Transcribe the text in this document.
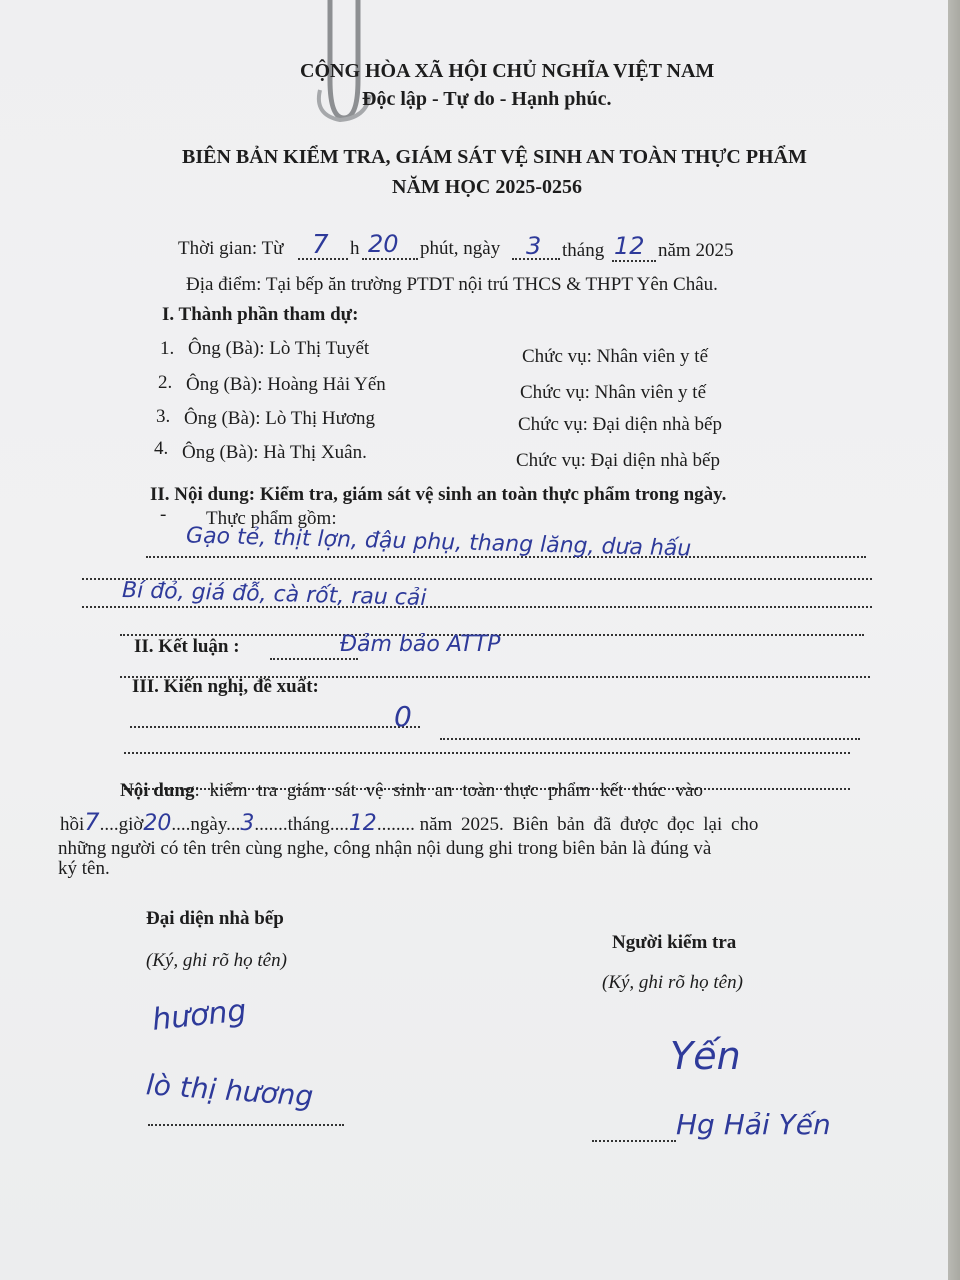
CỘNG HÒA XÃ HỘI CHỦ NGHĨA VIỆT NAM
Độc lập - Tự do - Hạnh phúc.
BIÊN BẢN KIỂM TRA, GIÁM SÁT VỆ SINH AN TOÀN THỰC PHẨM
NĂM HỌC 2025-0256
Thời gian: Từ 7 h 20 phút, ngày 3 tháng 12 năm 2025
Địa điểm: Tại bếp ăn trường PTDT nội trú THCS & THPT Yên Châu.
I. Thành phần tham dự:
1. Ông (Bà): Lò Thị Tuyết	Chức vụ: Nhân viên y tế
2. Ông (Bà): Hoàng Hải Yến	Chức vụ: Nhân viên y tế
3. Ông (Bà): Lò Thị Hương	Chức vụ: Đại diện nhà bếp
4. Ông (Bà): Hà Thị Xuân.	Chức vụ: Đại diện nhà bếp
II. Nội dung: Kiểm tra, giám sát vệ sinh an toàn thực phẩm trong ngày.
- Thực phẩm gồm:
Gạo tẻ, thịt lợn, đậu phụ, thang lăng, dưa hấu
Bí đỏ, giá đỗ, cà rốt, rau cải
II. Kết luận :	Đảm bảo ATTP
III. Kiến nghị, đề xuất:
0
Nội dung: kiểm tra giám sát vệ sinh an toàn thực phẩm kết thúc vào
hồi7....giờ20....ngày...3.......tháng....12........ năm 2025. Biên bản đã được đọc lại cho
những người có tên trên cùng nghe, công nhận nội dung ghi trong biên bản là đúng và
ký tên.
Đại diện nhà bếp
(Ký, ghi rõ họ tên)
hương
lò thị hương
Người kiểm tra
(Ký, ghi rõ họ tên)
Yến
Hg Hải Yến
